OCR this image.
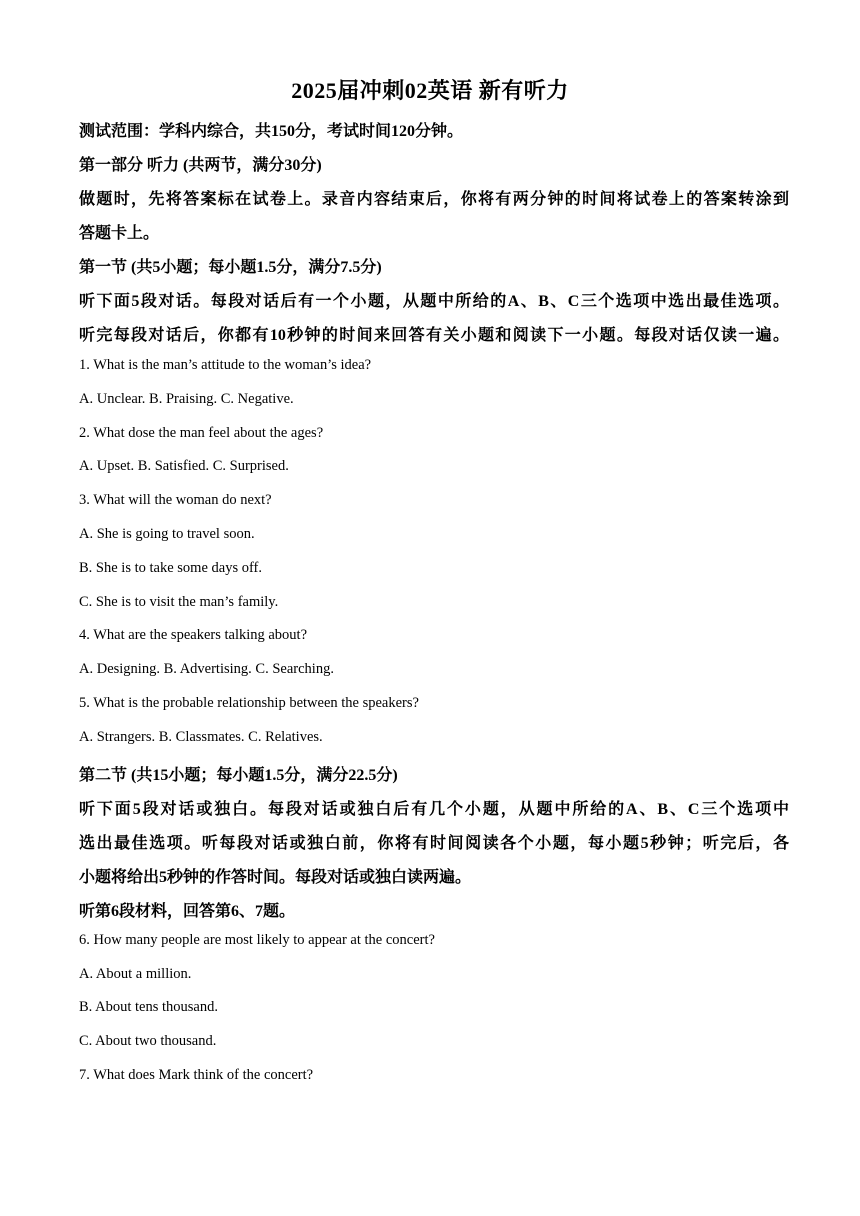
2025届冲刺02英语 新有听力
测试范围：学科内综合，共150分，考试时间120分钟。
第一部分 听力 (共两节，满分30分)
做题时，先将答案标在试卷上。录音内容结束后，你将有两分钟的时间将试卷上的答案转涂到
答题卡上。
第一节 (共5小题；每小题1.5分，满分7.5分)
听下面5段对话。每段对话后有一个小题，从题中所给的A、B、C三个选项中选出最佳选项。
听完每段对话后，你都有10秒钟的时间来回答有关小题和阅读下一小题。每段对话仅读一遍。
1. What is the man’s attitude to the woman’s idea?
A. Unclear. B. Praising. C. Negative.
2. What dose the man feel about the ages?
A. Upset. B. Satisfied. C. Surprised.
3. What will the woman do next?
A. She is going to travel soon.
B. She is to take some days off.
C. She is to visit the man’s family.
4. What are the speakers talking about?
A. Designing. B. Advertising. C. Searching.
5. What is the probable relationship between the speakers?
A. Strangers. B. Classmates. C. Relatives.
第二节 (共15小题；每小题1.5分，满分22.5分)
听下面5段对话或独白。每段对话或独白后有几个小题，从题中所给的A、B、C三个选项中
选出最佳选项。听每段对话或独白前，你将有时间阅读各个小题，每小题5秒钟；听完后，各
小题将给出5秒钟的作答时间。每段对话或独白读两遍。
听第6段材料，回答第6、7题。
6. How many people are most likely to appear at the concert?
A. About a million.
B. About tens thousand.
C. About two thousand.
7. What does Mark think of the concert?
